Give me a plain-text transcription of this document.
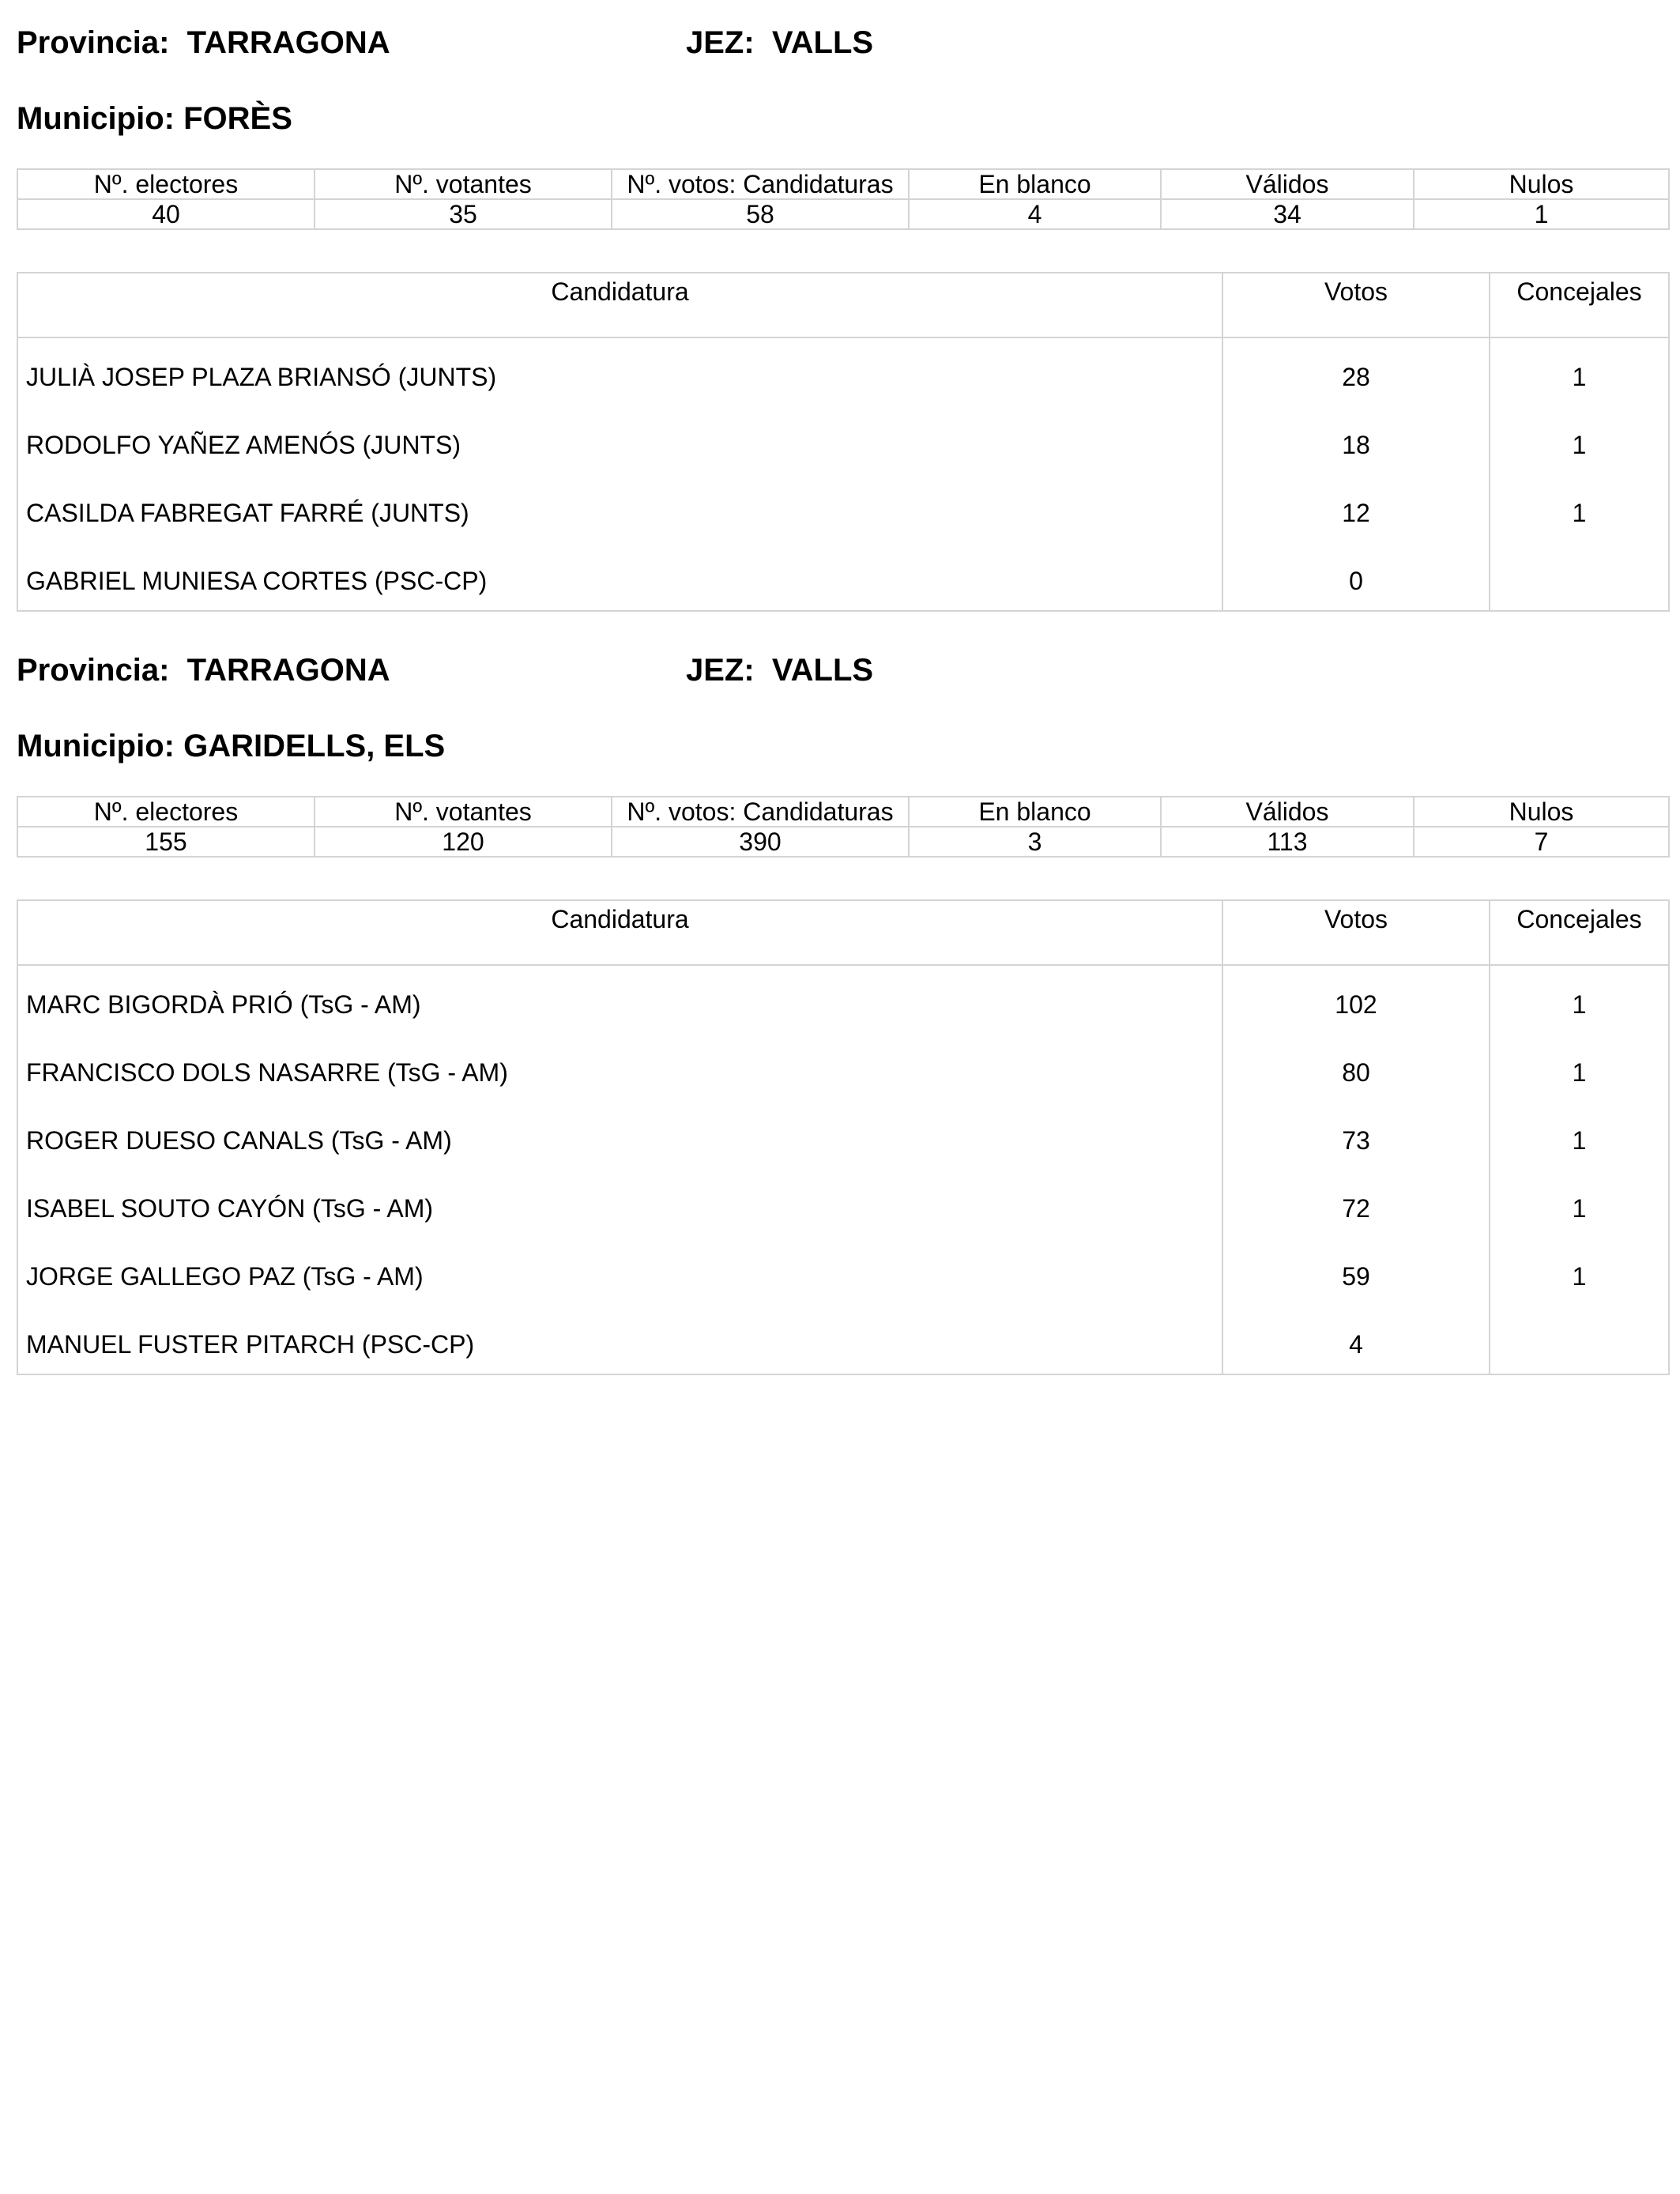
Provincia:  TARRAGONA	JEZ:  VALLS
Municipio: FORÈS
Nº. electores	Nº. votantes	Nº. votos: Candidaturas	En blanco	Válidos	Nulos
40	35	58	4	34	1
Candidatura	Votos	Concejales
JULIÀ JOSEP PLAZA BRIANSÓ (JUNTS)	28	1
RODOLFO YAÑEZ AMENÓS (JUNTS)	18	1
CASILDA FABREGAT FARRÉ (JUNTS)	12	1
GABRIEL MUNIESA CORTES (PSC-CP)	0
Provincia:  TARRAGONA	JEZ:  VALLS
Municipio: GARIDELLS, ELS
Nº. electores	Nº. votantes	Nº. votos: Candidaturas	En blanco	Válidos	Nulos
155	120	390	3	113	7
Candidatura	Votos	Concejales
MARC BIGORDÀ PRIÓ (TsG - AM)	102	1
FRANCISCO DOLS NASARRE (TsG - AM)	80	1
ROGER DUESO CANALS (TsG - AM)	73	1
ISABEL SOUTO CAYÓN (TsG - AM)	72	1
JORGE GALLEGO PAZ (TsG - AM)	59	1
MANUEL FUSTER PITARCH (PSC-CP)	4
